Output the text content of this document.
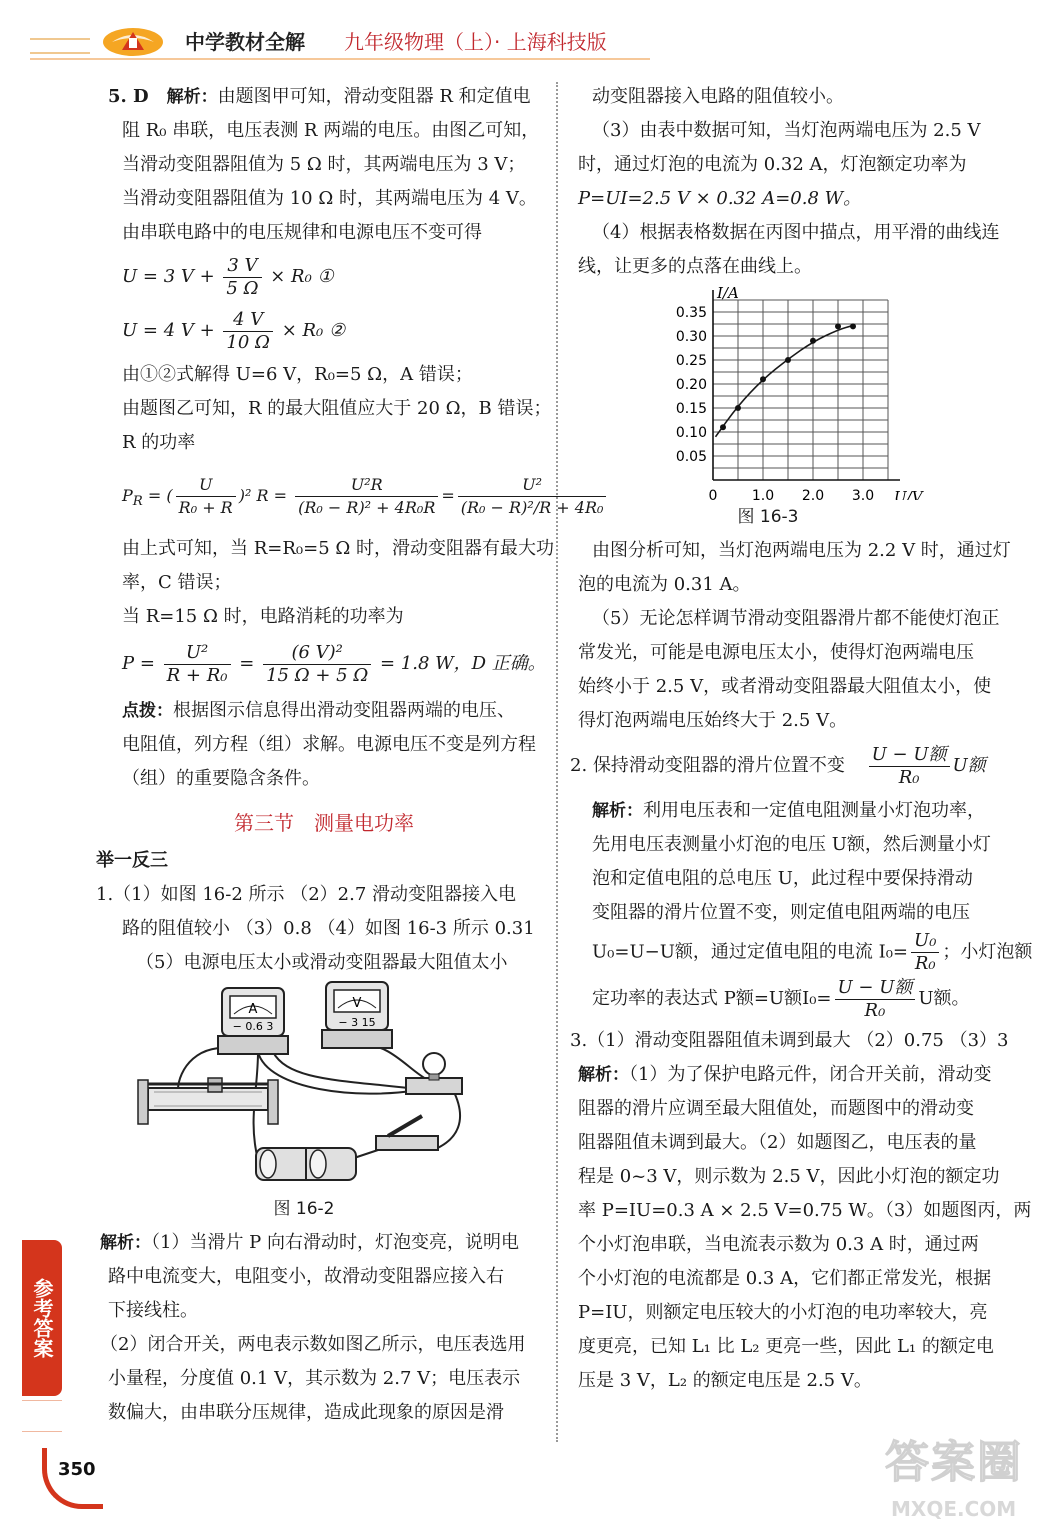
中学教材全解 九年级物理（上）· 上海科技版

5. D　 解析：由题图甲可知，滑动变阻器 R 和定值电

阻 R₀ 串联，电压表测 R 两端的电压。由图乙可知，

当滑动变阻器阻值为 5 Ω 时，其两端电压为 3 V；

当滑动变阻器阻值为 10 Ω 时，其两端电压为 4 V。

由串联电路中的电压规律和电源电压不变可得

U = 3 $V + \frac{3 V}{5 \Omega} \times R_0$ ①

U = 4 $V + \frac{4 V}{10 \Omega} \times R_0$ ②

由①②式解得 U=6 V，R₀=5 Ω，A 错误；

由题图乙可知，R 的最大阻值应大于 20 Ω，B 错误；

R 的功率

$P_R$ = ( $\frac{U}{\text{R₀ + R}} )^2$ $R = \frac{\text{U²R}}{\text{(R₀ − R)² + 4R₀R}} = \frac{\text{U²}}{\text{(R₀ − R)²/R + 4R₀}}$

由上式可知，当 R=R₀=5 Ω 时，滑动变阻器有最大功

率，C 错误；

当 R=15 Ω 时，电路消耗的功率为

$P = \frac{\text{U²}}{\text{R + R₀}} = \frac{\text{(6 V)²}}{15 \Omega + 5 \Omega} = 1.8$ W，D 正确。

点拨：根据图示信息得出滑动变阻器两端的电压、

电阻值，列方程（组）求解。电源电压不变是列方程

（组）的重要隐含条件。

第三节　测量电功率

举一反三

1.（1）如图 16-2 所示 （2）2.7 滑动变阻器接入电

路的阻值较小 （3）0.8 （4）如图 16-3 所示 0.31

（5）电源电压太小或滑动变阻器最大阻值太小

A
− 0.6 3
V
− 3 15
图 16-2

解析：（1）当滑片 P 向右滑动时，灯泡变亮，说明电

路中电流变大，电阻变小，故滑动变阻器应接入右

下接线柱。

（2）闭合开关，两电表示数如图乙所示，电压表选用

小量程，分度值 0.1 V，其示数为 2.7 V；电压表示

数偏大，由串联分压规律，造成此现象的原因是滑

动变阻器接入电路的阻值较小。

（3）由表中数据可知，当灯泡两端电压为 2.5 V

时，通过灯泡的电流为 0.32 A，灯泡额定功率为

P=UI=2.5 V × 0.32 A=0.8 W。

（4）根据表格数据在丙图中描点，用平滑的曲线连

线，让更多的点落在曲线上。

0 1.0 2.0 3.0
0.05
0.10
0.15
0.20
0.25
0.30
0.35
U/V
I/A
图 16-3

由图分析可知，当灯泡两端电压为 2.2 V 时，通过灯

泡的电流为 0.31 A。

（5）无论怎样调节滑动变阻器滑片都不能使灯泡正

常发光，可能是电源电压太小，使得灯泡两端电压

始终小于 2.5 V，或者滑动变阻器最大阻值太小，使

得灯泡两端电压始终大于 2.5 V。

2. 保持滑动变阻器的滑片位置不变 $\frac{\text{U − U额}}{\text{R₀}}$ U额

解析：利用电压表和一定值电阻测量小灯泡功率，

先用电压表测量小灯泡的电压 U额，然后测量小灯

泡和定值电阻的总电压 U，此过程中要保持滑动

变阻器的滑片位置不变，则定值电阻两端的电压

U₀=U−U额，通过定值电阻的电流 $I_0= \frac{\text{U₀}}{\text{R₀}}$ ；小灯泡额

定功率的表达式 P额=U额$I_0= \frac{\text{U − U额}}{\text{R₀}}$ U额。

3.（1）滑动变阻器阻值未调到最大 （2）0.75 （3）3

解析：（1）为了保护电路元件，闭合开关前，滑动变

阻器的滑片应调至最大阻值处，而题图中的滑动变

阻器阻值未调到最大。（2）如题图乙，电压表的量

程是 0~3 V，则示数为 2.5 V，因此小灯泡的额定功

率 P=IU=0.3 A × 2.5 V=0.75 W。（3）如题图丙，两

个小灯泡串联，当电流表示数为 0.3 A 时，通过两

个小灯泡的电流都是 0.3 A，它们都正常发光，根据

P=IU，则额定电压较大的小灯泡的电功率较大，亮

度更亮，已知 L₁ 比 L₂ 更亮一些，因此 L₁ 的额定电

压是 3 V，L₂ 的额定电压是 2.5 V。

参考答案
350	答案圈
MXQE.COM
